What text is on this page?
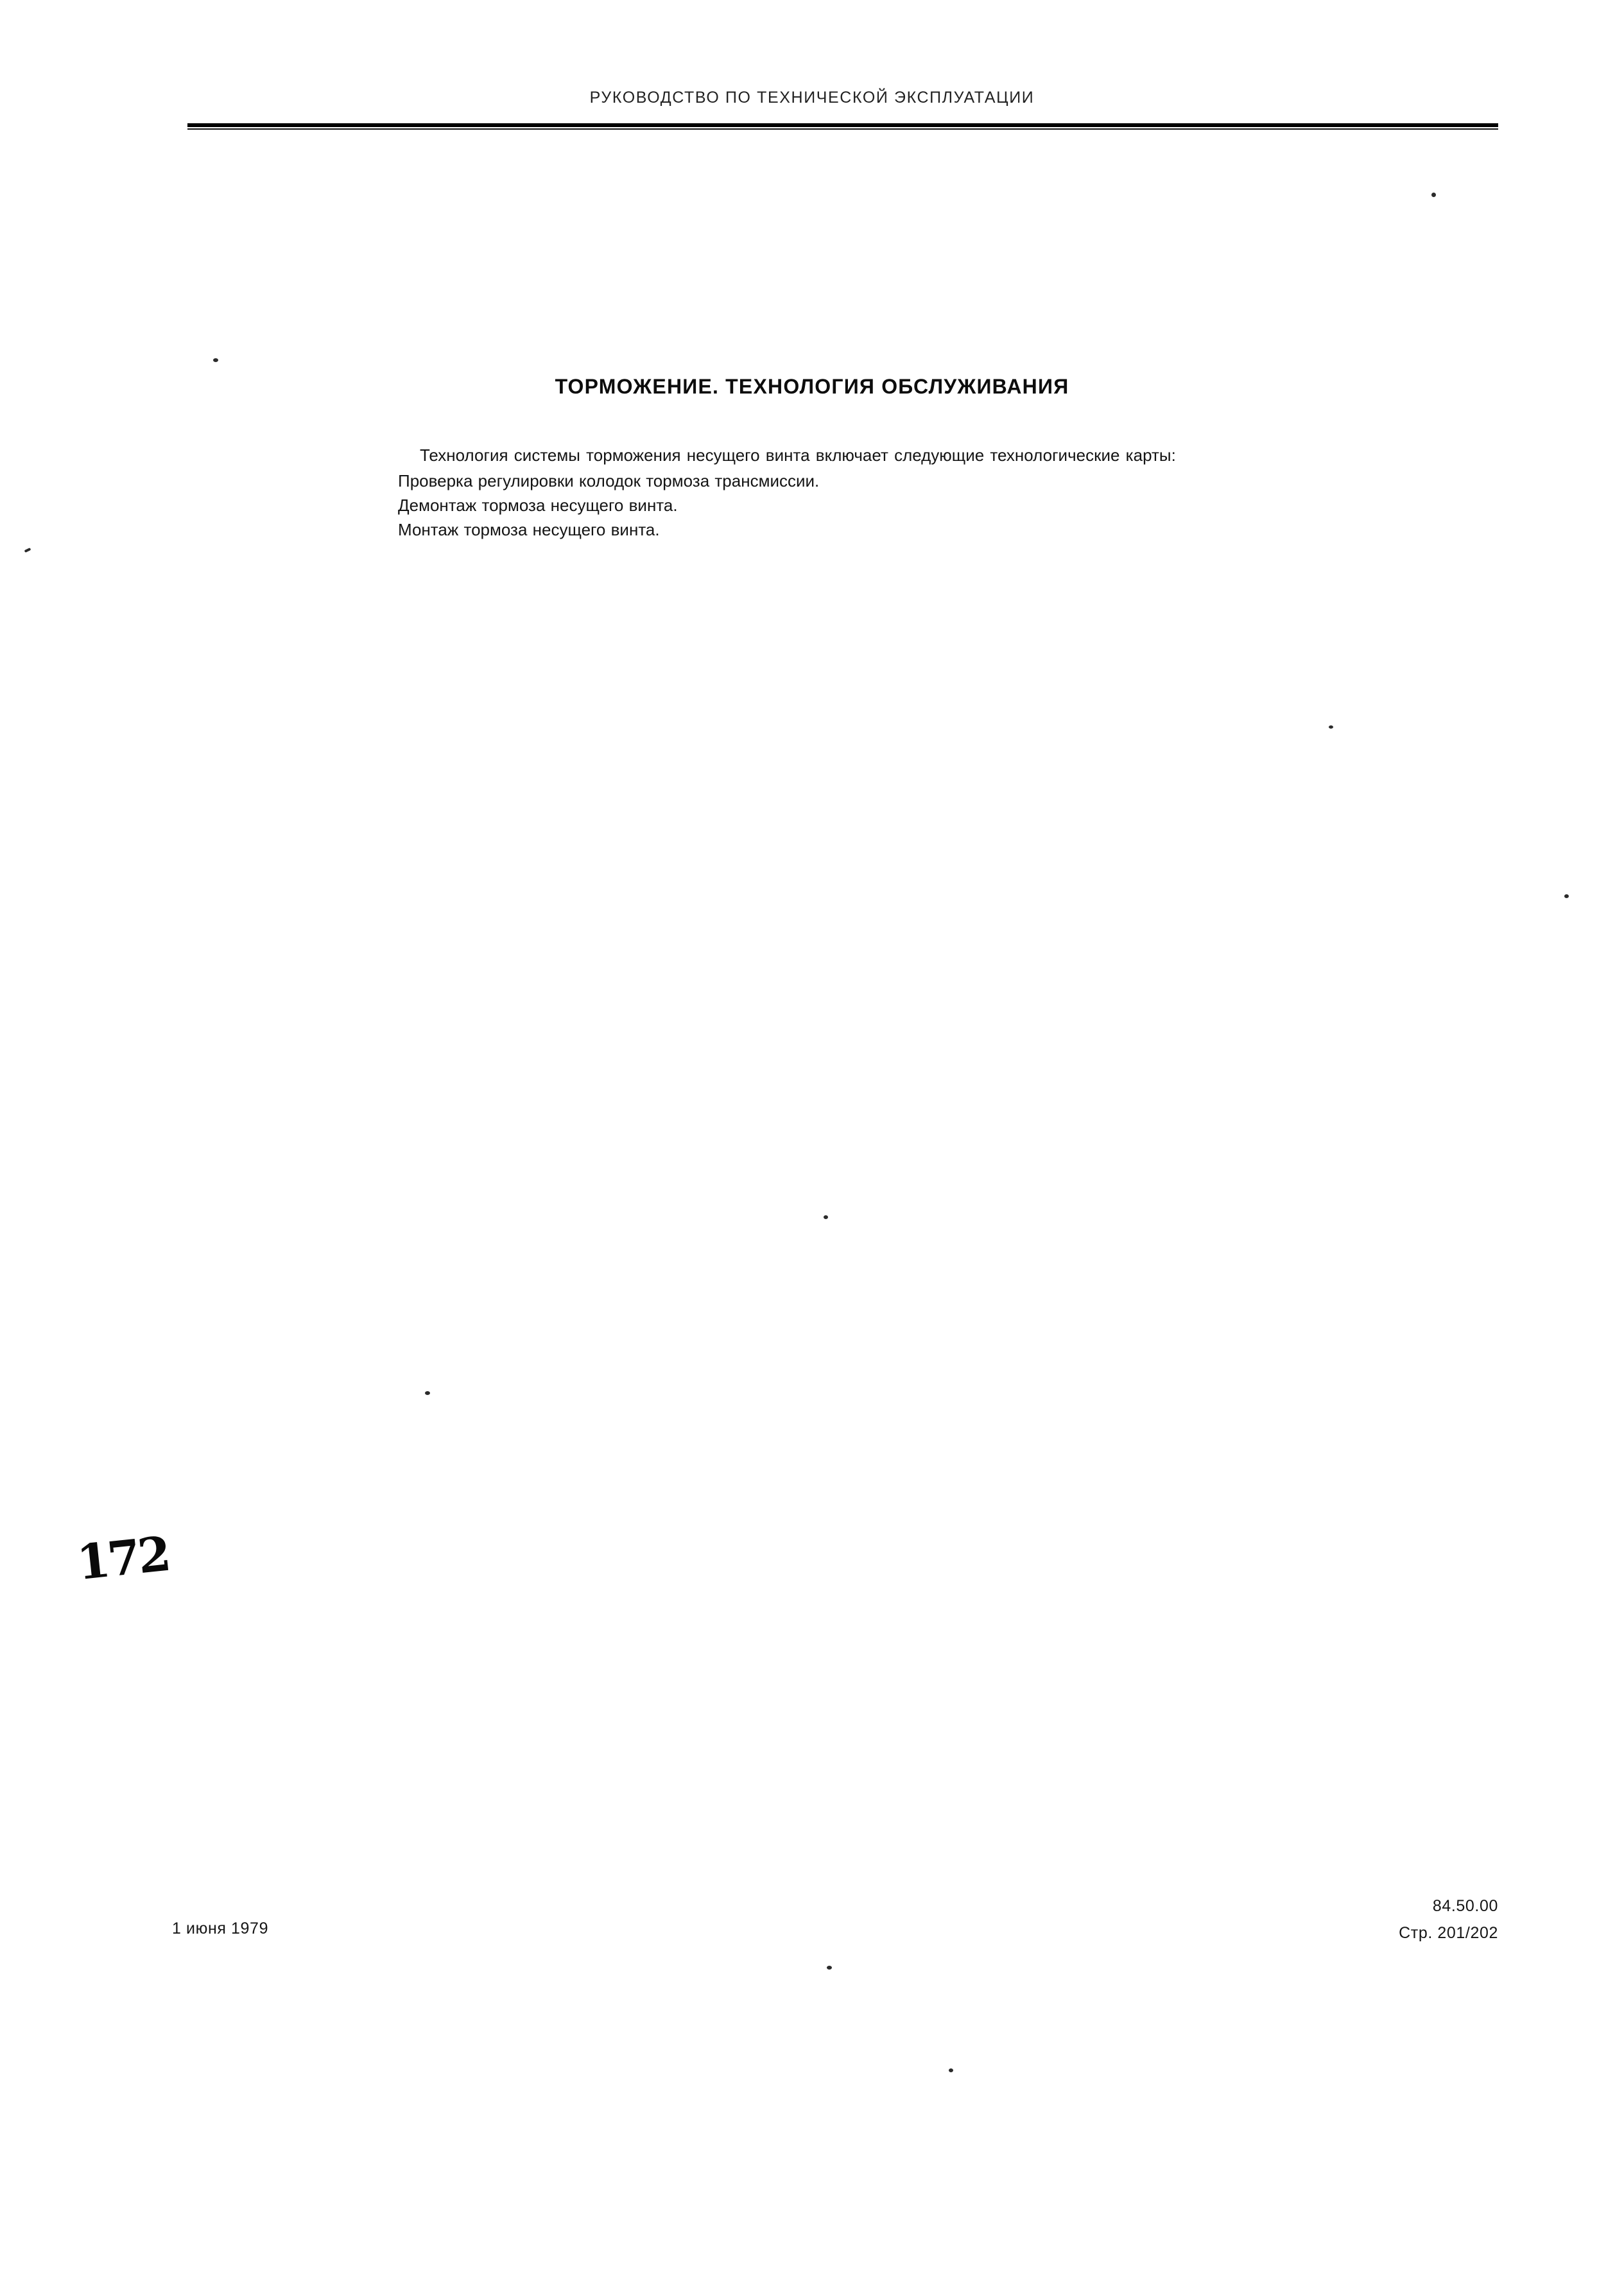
РУКОВОДСТВО ПО ТЕХНИЧЕСКОЙ ЭКСПЛУАТАЦИИ
ТОРМОЖЕНИЕ. ТЕХНОЛОГИЯ ОБСЛУЖИВАНИЯ

Технология системы торможения несущего винта включает следующие технологические карты:

Проверка регулировки колодок тормоза трансмиссии.

Демонтаж тормоза несущего винта.

Монтаж тормоза несущего винта.

172
1 июня 1979
84.50.00
Стр. 201/202
